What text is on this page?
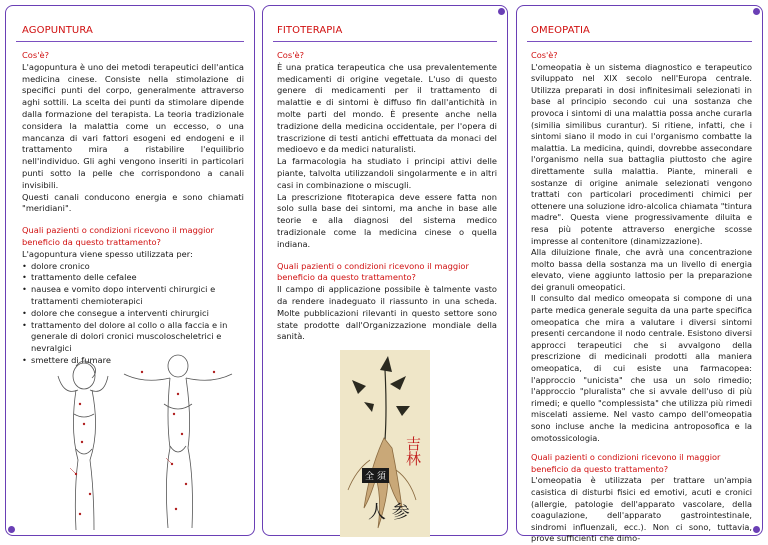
AGOPUNTURA

Cos'è?

L'agopuntura è uno dei metodi terapeutici dell'antica medicina cinese. Consiste nella stimolazione di specifici punti del corpo, generalmente attraverso aghi sottili. La scelta dei punti da stimolare dipende dalla formazione del terapista. La teoria tradizionale considera la malattia come un eccesso, o una mancanza di vari fattori esogeni ed endogeni e il trattamento mira a ristabilire l'equilibrio nell'individuo. Gli aghi vengono inseriti in particolari punti sotto la pelle che corrispondono a canali invisibili.

Questi canali conducono energia e sono chiamati "meridiani".

Quali pazienti o condizioni ricevono il maggior beneficio da questo trattamento?

L'agopuntura viene spesso utilizzata per:

• dolore cronico
• trattamento delle cefalee
• nausea e vomito dopo interventi chirurgici e trattamenti chemioterapici
• dolore che consegue a interventi chirurgici
• trattamento del dolore al collo o alla faccia e in generale di dolori cronici muscoloscheletrici e nevralgici
• smettere di fumare
FITOTERAPIA

Cos'è?

È una pratica terapeutica che usa prevalentemente medicamenti di origine vegetale. L'uso di questo genere di medicamenti per il trattamento di malattie e di sintomi è diffuso fin dall'antichità in molte parti del mondo. È presente anche nella tradizione della medicina occidentale, per l'opera di trascrizione di testi antichi effettuata da monaci del medioevo e da medici naturalisti.

La farmacologia ha studiato i principi attivi delle piante, talvolta utilizzandoli singolarmente e in altri casi in combinazione o miscugli.

La prescrizione fitoterapica deve essere fatta non solo sulla base dei sintomi, ma anche in base alle teorie e alla diagnosi del sistema medico tradizionale come la medicina cinese o quella indiana.

Quali pazienti o condizioni ricevono il maggior beneficio da questo trattamento?

Il campo di applicazione possibile è talmente vasto da rendere inadeguato il riassunto in una scheda. Molte pubblicazioni rilevanti in questo settore sono state prodotte dall'Organizzazione mondiale della sanità.

吉林
全 須
人 参
OMEOPATIA

Cos'è?

L'omeopatia è un sistema diagnostico e terapeutico sviluppato nel XIX secolo nell'Europa centrale. Utilizza preparati in dosi infinitesimali selezionati in base al principio secondo cui una sostanza che provoca i sintomi di una malattia possa anche curarla (similia similibus curantur). Si ritiene, infatti, che i sintomi siano il modo in cui l'organismo combatte la malattia. La medicina, quindi, dovrebbe assecondare l'organismo nella sua battaglia piuttosto che agire direttamente sulla malattia. Piante, minerali e sostanze di origine animale selezionati vengono trattati con particolari procedimenti chimici per ottenere una soluzione idro-alcolica chiamata "tintura madre". Questa viene progressivamente diluita e resa più potente attraverso energiche scosse impresse al contenitore (dinamizzazione).

Alla diluizione finale, che avrà una concentrazione molto bassa della sostanza ma un livello di energia elevato, viene aggiunto lattosio per la preparazione dei granuli omeopatici.

Il consulto dal medico omeopata si compone di una parte medica generale seguita da una parte specifica omeopatica che mira a valutare i diversi sintomi presenti cercandone il nodo centrale. Esistono diversi approcci terapeutici che si avvalgono della prescrizione di medicinali prodotti alla maniera omeopatica, di cui esiste una farmacopea: l'approccio "unicista" che usa un solo rimedio; l'approccio "pluralista" che si avvale dell'uso di più rimedi; e quello "complessista" che utilizza più rimedi miscelati assieme. Nel vasto campo dell'omeopatia sono incluse anche la medicina antroposofica e la omotossicologia.

Quali pazienti o condizioni ricevono il maggior beneficio da questo trattamento?

L'omeopatia è utilizzata per trattare un'ampia casistica di disturbi fisici ed emotivi, acuti e cronici (allergie, patologie dell'apparato vascolare, della coagulazione, dell'apparato gastrointestinale, sindromi influenzali, ecc.). Non ci sono, tuttavia, prove sufficienti che dimo-
